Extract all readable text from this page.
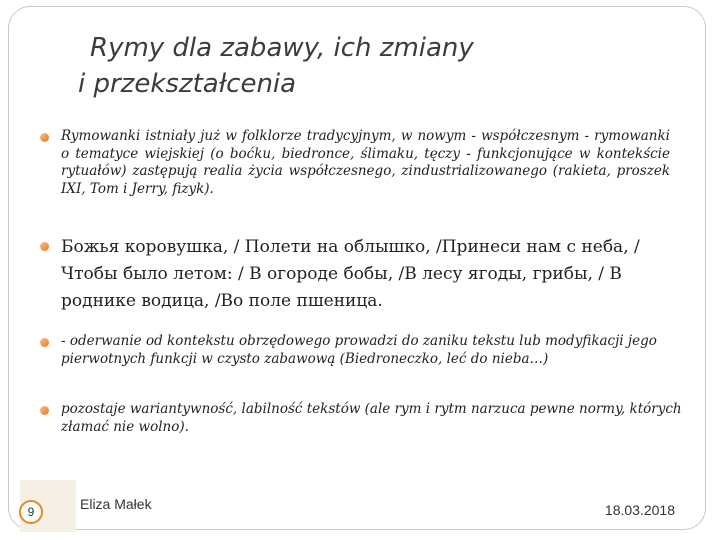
Rymy dla zabawy, ich zmiany
i przekształcenia
Rymowanki istniały już w folklorze tradycyjnym, w nowym - współczesnym - rymowanki o tematyce wiejskiej (o boćku, biedronce, ślimaku, tęczy - funkcjonujące w kontekście rytuałów) zastępują realia życia współczesnego, zindustrializowanego (rakieta, proszek IXI, Tom i Jerry, fizyk).
Божья коровушка, / Полети на облышко, /Принеси нам с неба, / Чтобы было летом: / В огороде бобы, /В лесу ягоды, грибы, / В роднике водица, /Во поле пшеница.
- oderwanie od kontekstu obrzędowego prowadzi do zaniku tekstu lub modyfikacji jego pierwotnych funkcji w czysto zabawową (Biedroneczko, leć do nieba…)
pozostaje wariantywność, labilność tekstów (ale rym i rytm narzuca pewne normy, których złamać nie wolno).
9	Eliza Małek	18.03.2018
